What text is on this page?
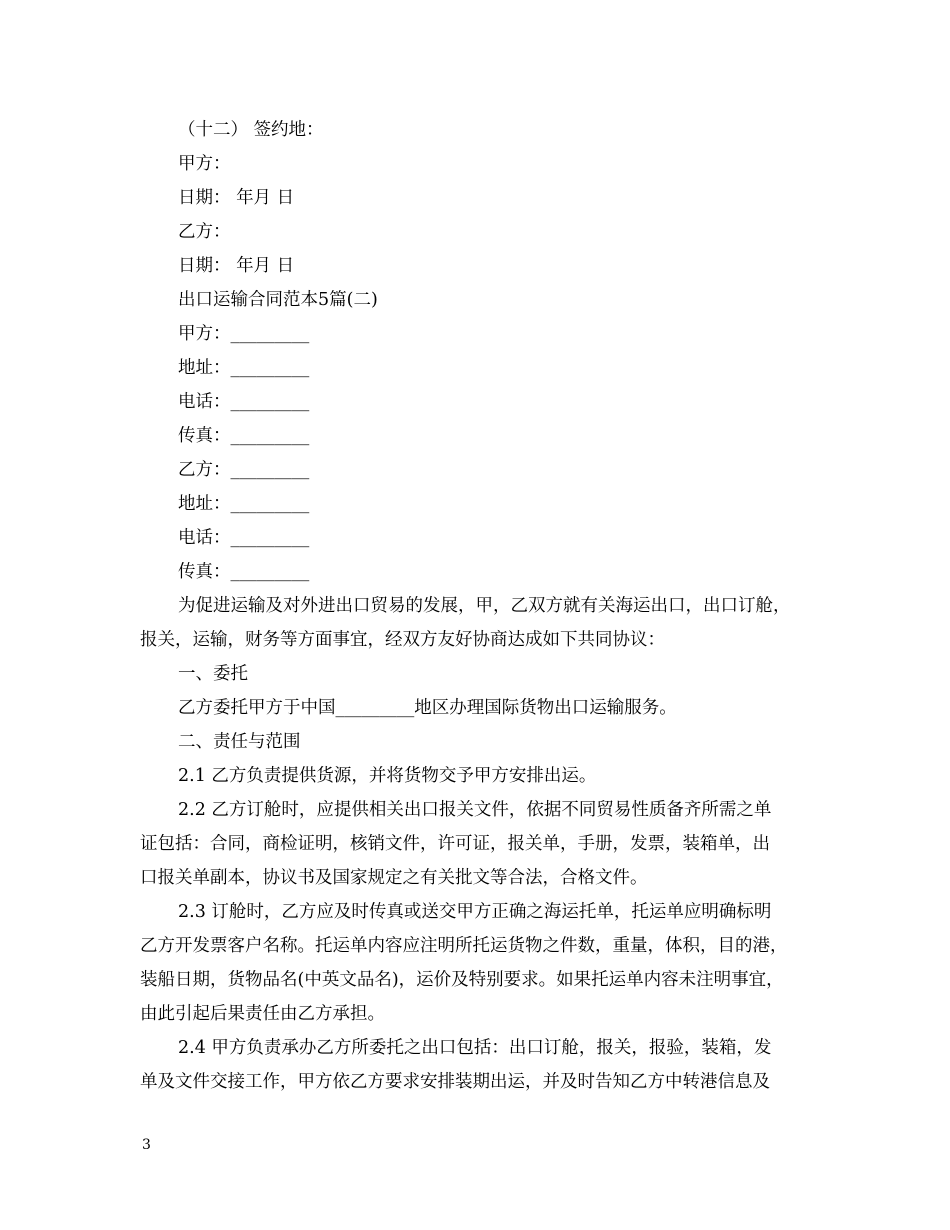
（十二） 签约地：
甲方：
日期： 年月 日
乙方：
日期： 年月 日
出口运输合同范本5篇(二)
甲方：_________
地址：_________
电话：_________
传真：_________
乙方：_________
地址：_________
电话：_________
传真：_________
为促进运输及对外进出口贸易的发展，甲，乙双方就有关海运出口，出口订舱，
报关，运输，财务等方面事宜，经双方友好协商达成如下共同协议：
一、委托
乙方委托甲方于中国_________地区办理国际货物出口运输服务。
二、责任与范围
2.1 乙方负责提供货源，并将货物交予甲方安排出运。
2.2 乙方订舱时，应提供相关出口报关文件，依据不同贸易性质备齐所需之单
证包括：合同，商检证明，核销文件，许可证，报关单，手册，发票，装箱单，出
口报关单副本，协议书及国家规定之有关批文等合法，合格文件。
2.3 订舱时，乙方应及时传真或送交甲方正确之海运托单，托运单应明确标明
乙方开发票客户名称。托运单内容应注明所托运货物之件数，重量，体积，目的港，
装船日期，货物品名(中英文品名)，运价及特别要求。如果托运单内容未注明事宜，
由此引起后果责任由乙方承担。
2.4 甲方负责承办乙方所委托之出口包括：出口订舱，报关，报验，装箱，发
单及文件交接工作，甲方依乙方要求安排装期出运，并及时告知乙方中转港信息及
3
